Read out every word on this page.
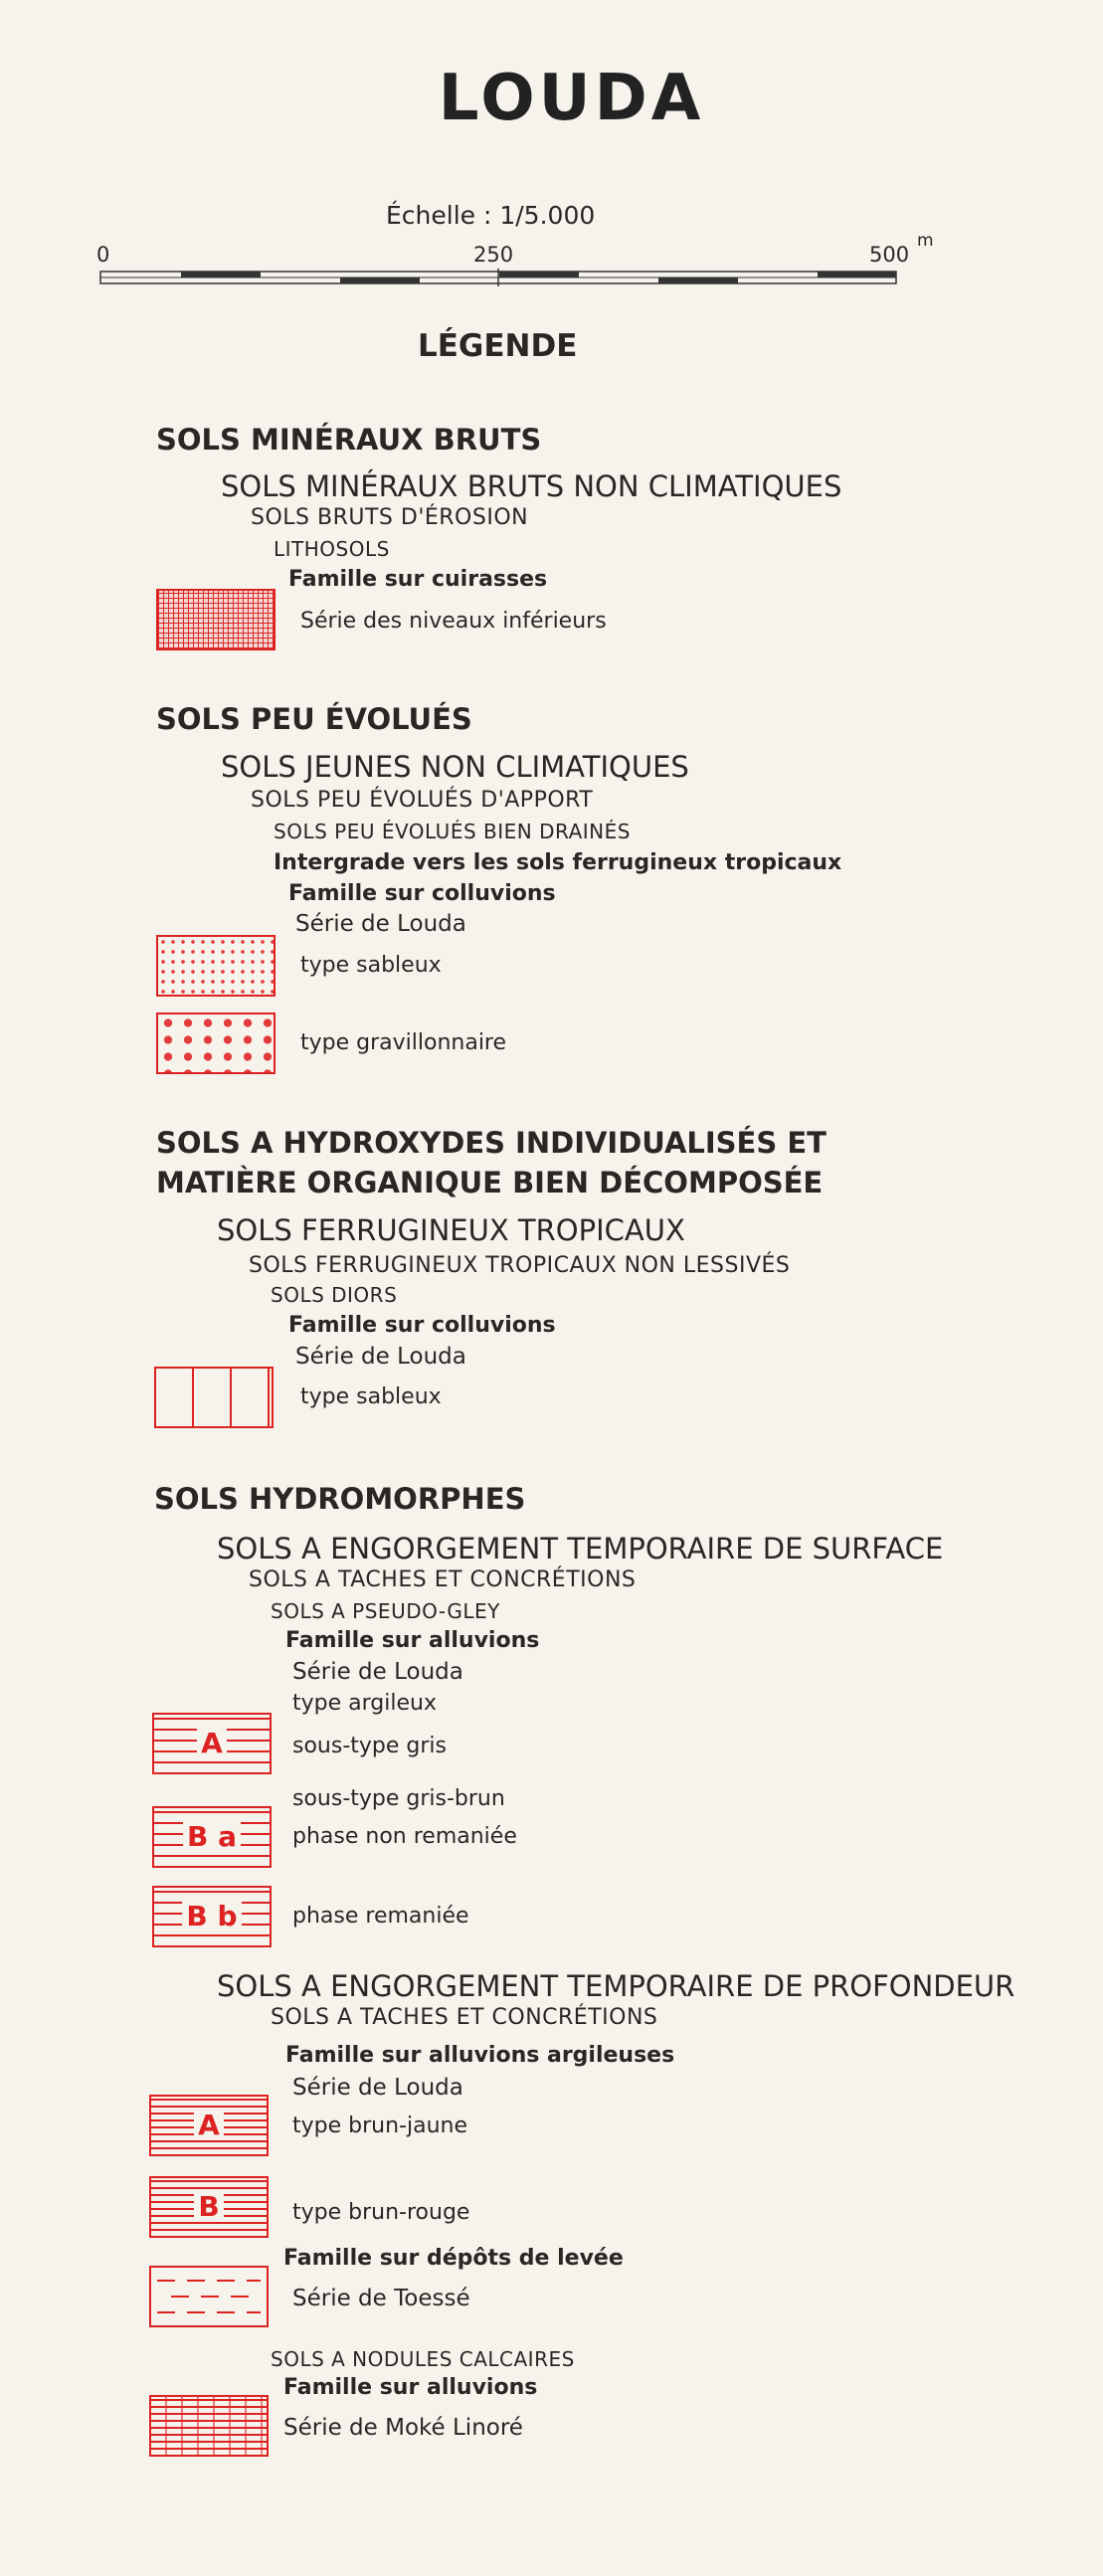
LOUDA
Échelle : 1/5.000
0	250	500
m
LÉGENDE
SOLS MINÉRAUX BRUTS
SOLS MINÉRAUX BRUTS NON CLIMATIQUES
SOLS BRUTS D'ÉROSION
LITHOSOLS
Famille sur cuirasses
Série des niveaux inférieurs
SOLS PEU ÉVOLUÉS
SOLS JEUNES NON CLIMATIQUES
SOLS PEU ÉVOLUÉS D'APPORT
SOLS PEU ÉVOLUÉS BIEN DRAINÉS
Intergrade vers les sols ferrugineux tropicaux
Famille sur colluvions
Série de Louda
type sableux
type gravillonnaire
SOLS A HYDROXYDES INDIVIDUALISÉS ET
MATIÈRE ORGANIQUE BIEN DÉCOMPOSÉE
SOLS FERRUGINEUX TROPICAUX
SOLS FERRUGINEUX TROPICAUX NON LESSIVÉS
SOLS DIORS
Famille sur colluvions
Série de Louda
type sableux
SOLS HYDROMORPHES
SOLS A ENGORGEMENT TEMPORAIRE DE SURFACE
SOLS A TACHES ET CONCRÉTIONS
SOLS A PSEUDO-GLEY
Famille sur alluvions
Série de Louda
type argileux
A	sous-type gris
sous-type gris-brun
B a	phase non remaniée
B b	phase remaniée
SOLS A ENGORGEMENT TEMPORAIRE DE PROFONDEUR
SOLS A TACHES ET CONCRÉTIONS
Famille sur alluvions argileuses
Série de Louda
A	type brun-jaune
B	type brun-rouge
Famille sur dépôts de levée
Série de Toessé
SOLS A NODULES CALCAIRES
Famille sur alluvions
Série de Moké Linoré
